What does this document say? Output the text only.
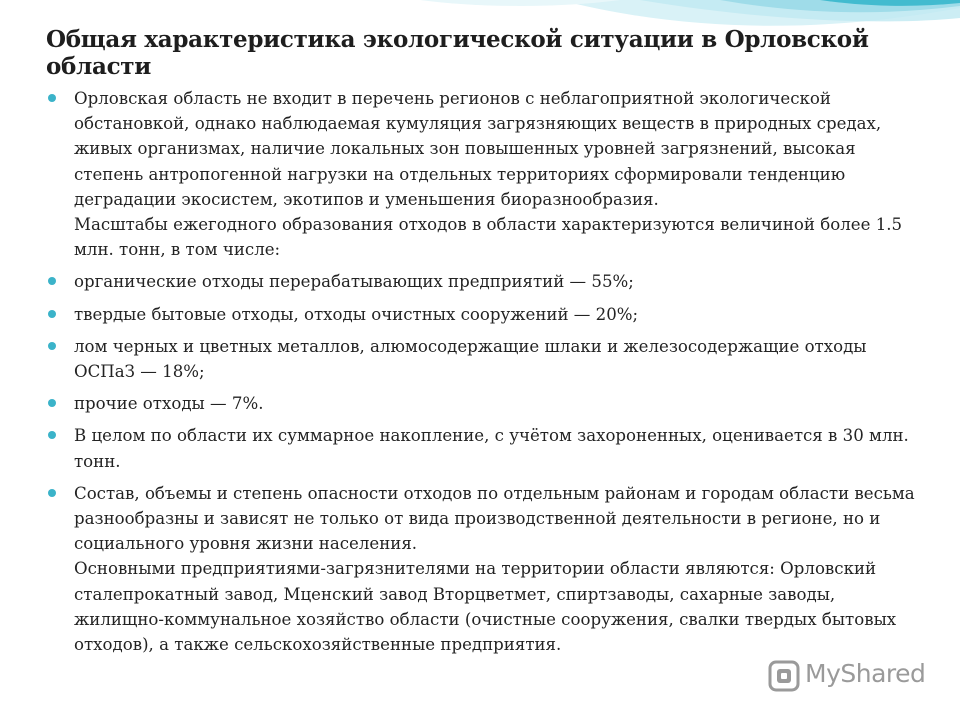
Общая характеристика экологической ситуации в Орловской области
Орловская область не входит в перечень регионов с неблагоприятной экологической обстановкой, однако наблюдаемая кумуляция загрязняющих веществ в природных средах, живых организмах, наличие локальных зон повышенных уровней загрязнений, высокая степень антропогенной нагрузки на отдельных территориях сформировали тенденцию деградации экосистем, экотипов и уменьшения биоразнообразия.
Масштабы ежегодного образования отходов в области характеризуются величиной более 1.5 млн. тонн, в том числе:
органические отходы перерабатывающих предприятий — 55%;
твердые бытовые отходы, отходы очистных сооружений — 20%;
лом черных и цветных металлов, алюмосодержащие шлаки и железосодержащие отходы ОСПаЗ — 18%;
прочие отходы — 7%.
В целом по области их суммарное накопление, с учётом захороненных, оценивается в 30 млн. тонн.
Состав, объемы и степень опасности отходов по отдельным районам и городам области весьма разнообразны и зависят не только от вида производственной деятельности в регионе, но и социального уровня жизни населения.
Основными предприятиями-загрязнителями на территории области являются: Орловский сталепрокатный завод, Мценский завод Вторцветмет, спиртзаводы, сахарные заводы, жилищно-коммунальное хозяйство области (очистные сооружения, свалки твердых бытовых отходов), а также сельскохозяйственные предприятия.
MyShared
